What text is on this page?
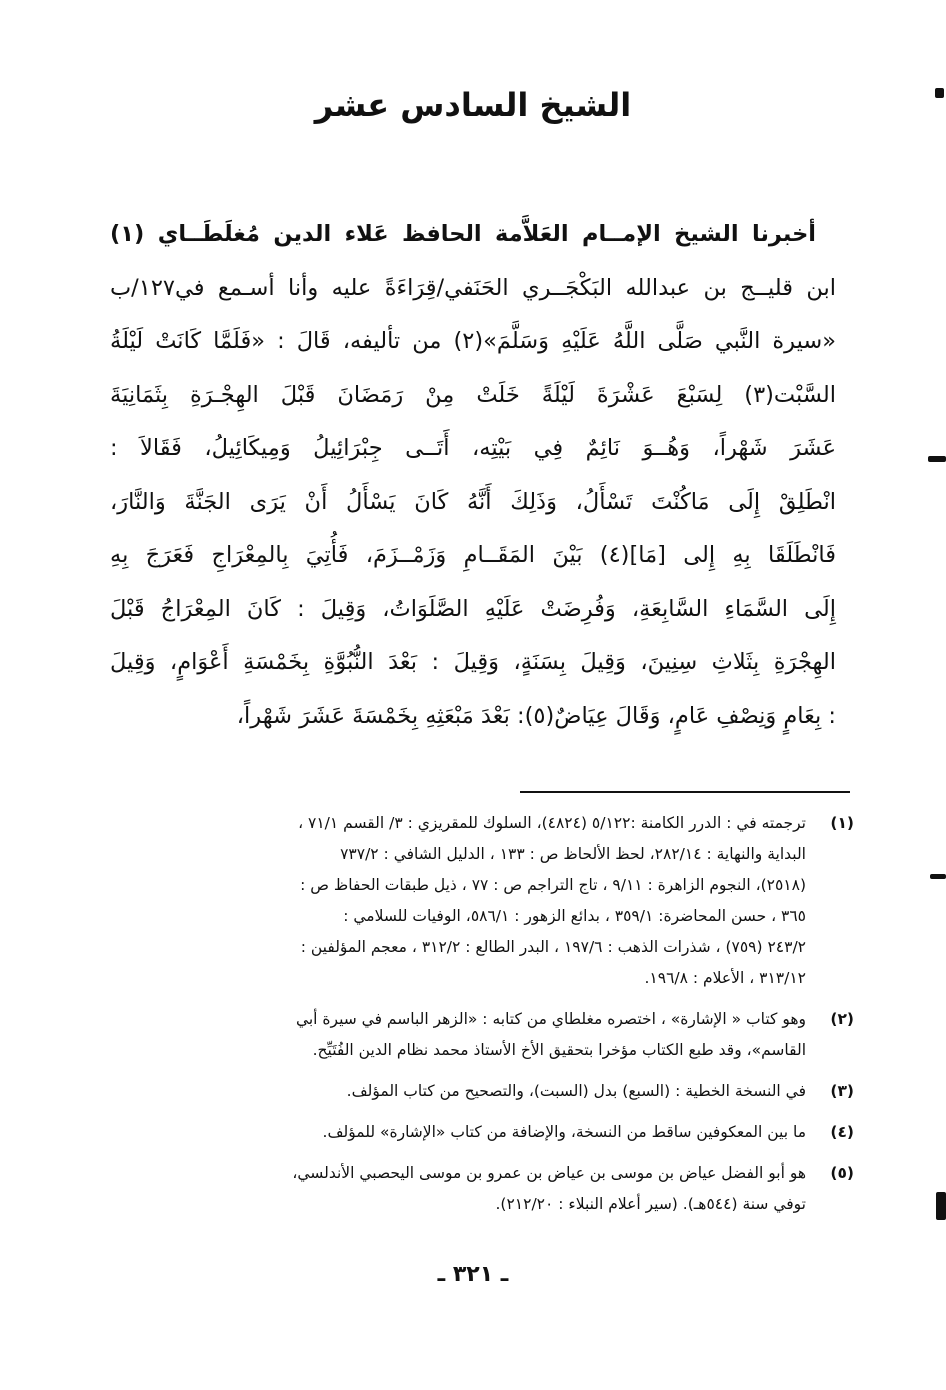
الشيخ السادس عشر
أخبرنا الشيخ الإمــام العَلاَّمة الحافظ عَلاء الدين مُغلَطَــاي (١)
ابن قليــج بن عبدالله البَكْجَــري الحَنَفي/قِرَاءَةً عليه وأنا أسـمع في١٢٧/ب
«سيرة النَّبي صَلَّى اللَّهُ عَلَيْهِ وَسَلَّمَ»(٢) من تأليفه، قَالَ : «فَلَمَّا كَانَتْ لَيْلَةُ
السَّبْت(٣) لِسَبْعَ عَشْرَةَ لَيْلَةً خَلَتْ مِنْ رَمَضَانَ قَبْلَ الهِجْـرَةِ بِثَمَانِيَةَ
عَشَرَ شَهْراً، وَهُــوَ نَائِمٌ فِي بَيْتِه، أَتَــى جِبْرَائِيلُ وَمِيكَائِيلُ، فَقَالاَ :
انْطَلِقْ إِلَى مَاكُنْتَ تَسْأَلُ، وَذَلِكَ أَنَّهُ كَانَ يَسْأَلُ أَنْ يَرَى الجَنَّةَ وَالنَّارَ،
فَانْطَلَقَا بِهِ إِلى [مَا](٤) بَيْنَ المَقَــامِ وَزَمْــزَمَ، فَأُتِيَ بِالمِعْرَاجِ فَعَرَجَ بِهِ
إِلَى السَّمَاءِ السَّابِعَةِ، وَفُرِضَتْ عَلَيْهِ الصَّلَوَاتُ، وَقِيلَ : كَانَ المِعْرَاجُ قَبْلَ
الهِجْرَةِ بِثَلاثِ سِنِينَ، وَقِيلَ بِسَنَةٍ، وَقِيلَ : بَعْدَ النُّبُوَّةِ بِخَمْسَةِ أَعْوَامٍ، وَقِيلَ
: بِعَامٍ وَنِصْفِ عَامٍ، وَقَالَ عِيَاضٌ(٥): بَعْدَ مَبْعَثِهِ بِخَمْسَةَ عَشَرَ شَهْراً،
(١)
ترجمته في : الدرر الكامنة :٥/١٢٢ (٤٨٢٤)، السلوك للمقريزي : ٣/ القسم ٧١/١ ،
البداية والنهاية : ٢٨٢/١٤، لحظ الألحاظ ص : ١٣٣ ، الدليل الشافي : ٧٣٧/٢
(٢٥١٨)، النجوم الزاهرة : ٩/١١ ، تاج التراجم ص : ٧٧ ، ذيل طبقات الحفاظ ص :
٣٦٥ ، حسن المحاضرة: ٣٥٩/١ ، بدائع الزهور : ٥٨٦/١، الوفيات للسلامي :
٢٤٣/٢ (٧٥٩) ، شذرات الذهب : ١٩٧/٦ ، البدر الطالع : ٣١٢/٢ ، معجم المؤلفين :
٣١٣/١٢ ، الأعلام : ١٩٦/٨.
(٢)
وهو كتاب « الإشارة» ، اختصره مغلطاي من كتابه : «الزهر الباسم في سيرة أبي
القاسم»، وقد طبع الكتاب مؤخرا بتحقيق الأخ الأستاذ محمد نظام الدين الفُتَيِّح.
(٣)
في النسخة الخطية : (السبع) بدل (السبت)، والتصحيح من كتاب المؤلف.
(٤)
ما بين المعكوفين ساقط من النسخة، والإضافة من كتاب «الإشارة» للمؤلف.
(٥)
هو أبو الفضل عياض بن موسى بن عياض بن عمرو بن موسى اليحصبي الأندلسي،
توفي سنة (٥٤٤هـ). (سير أعلام النبلاء : ٢١٢/٢٠).
ـ ٣٢١ ـ
